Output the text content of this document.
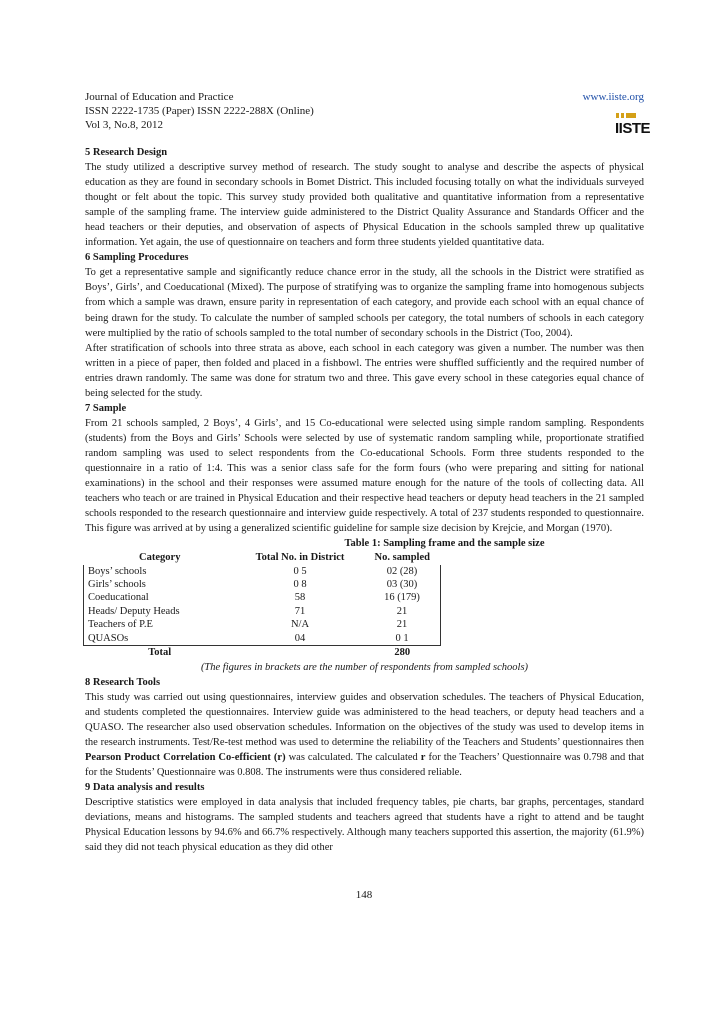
IISTE
Journal of Education and Practice	www.iiste.org
ISSN 2222-1735 (Paper) ISSN 2222-288X (Online)
Vol 3, No.8, 2012
5 Research Design

The study utilized a descriptive survey method of research. The study sought to analyse and describe the aspects of physical education as they are found in secondary schools in Bomet District. This included focusing totally on what the individuals surveyed thought or felt about the topic. This survey study provided both qualitative and quantitative information from a representative sample of the sampling frame. The interview guide administered to the District Quality Assurance and Standards Officer and the head teachers or their deputies, and observation of aspects of Physical Education in the schools sampled threw up qualitative information. Yet again, the use of questionnaire on teachers and form three students yielded quantitative data.

6 Sampling Procedures

To get a representative sample and significantly reduce chance error in the study, all the schools in the District were stratified as Boys’, Girls’, and Coeducational (Mixed). The purpose of stratifying was to organize the sampling frame into homogenous subjects from which a sample was drawn, ensure parity in representation of each category, and provide each school with an equal chance of being drawn for the study. To calculate the number of sampled schools per category, the total numbers of schools in each category were multiplied by the ratio of schools sampled to the total number of secondary schools in the District (Too, 2004).

After stratification of schools into three strata as above, each school in each category was given a number. The number was then written in a piece of paper, then folded and placed in a fishbowl. The entries were shuffled sufficiently and the required number of entries drawn randomly. The same was done for stratum two and three. This gave every school in these categories equal chance of being selected for the study.

7 Sample

From 21 schools sampled, 2 Boys’, 4 Girls’, and 15 Co-educational were selected using simple random sampling. Respondents (students) from the Boys and Girls’ Schools were selected by use of systematic random sampling while, proportionate stratified random sampling was used to select respondents from the Co-educational Schools. Form three students responded to the questionnaire in a ratio of 1:4. This was a senior class safe for the form fours (who were preparing and sitting for national examinations) in the school and their responses were assumed mature enough for the nature of the tools of collecting data. All teachers who teach or are trained in Physical Education and their respective head teachers or deputy head teachers in the 21 sampled schools responded to the research questionnaire and interview guide respectively. A total of 237 students responded to questionnaire. This figure was arrived at by using a generalized scientific guideline for sample size decision by Krejcie, and Morgan (1970).

Table 1: Sampling frame and the sample size
Category	Total No. in District	No. sampled
Boys’ schools	0 5	02 (28)
Girls’ schools	0 8	03 (30)
Coeducational	58	16 (179)
Heads/ Deputy Heads	71	21
Teachers of P.E	N/A	21
QUASOs	04	0 1
Total		280
(The figures in brackets are the number of respondents from sampled schools)
8 Research Tools

This study was carried out using questionnaires, interview guides and observation schedules. The teachers of Physical Education, and students completed the questionnaires. Interview guide was administered to the head teachers, or deputy head teachers and a QUASO. The researcher also used observation schedules. Information on the objectives of the study was used to develop items in the research instruments. Test/Re-test method was used to determine the reliability of the Teachers and Students’ questionnaires then Pearson Product Correlation Co-efficient (r) was calculated. The calculated r for the Teachers’ Questionnaire was 0.798 and that for the Students’ Questionnaire was 0.808. The instruments were thus considered reliable.

9 Data analysis and results

Descriptive statistics were employed in data analysis that included frequency tables, pie charts, bar graphs, percentages, standard deviations, means and histograms. The sampled students and teachers agreed that students have a right to attend and be taught Physical Education lessons by 94.6% and 66.7% respectively. Although many teachers supported this assertion, the majority (61.9%) said they did not teach physical education as they did other

148
